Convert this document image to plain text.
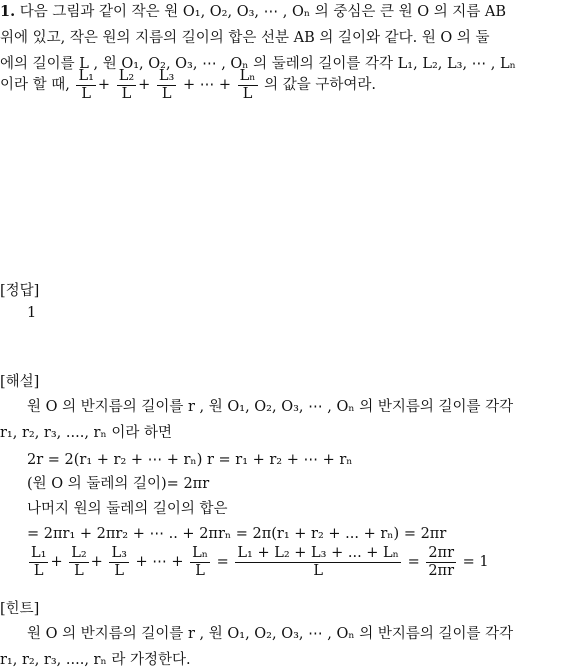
1. 다음 그림과 같이 작은 원 O₁, O₂, O₃, ⋯ , Oₙ 의 중심은 큰 원 O 의 지름 AB
위에 있고, 작은 원의 지름의 길이의 합은 선분 AB 의 길이와 같다. 원 O 의 둘
에의 길이를 L , 원 O₁, O₂, O₃, ⋯ , Oₙ 의 둘레의 길이를 각각 L₁, L₂, L₃, ⋯ , Lₙ
이라 할 때, $\frac{\text{L₁}}{L} + \frac{\text{L₂}}{L} + \frac{\text{L₃}}{L}$ + ⋯ + $\frac{\text{Lₙ}}{L}$ 의 값을 구하여라.
[정답]
1
[해설]
원 O 의 반지름의 길이를 r , 원 O₁, O₂, O₃, ⋯ , Oₙ 의 반지름의 길이를 각각
r₁, r₂, r₃, ...., rₙ 이라 하면
2r = 2(r₁ + r₂ + ⋯ + rₙ) r = r₁ + r₂ + ⋯ + rₙ
(원 O 의 둘레의 길이)= 2πr
나머지 원의 둘레의 길이의 합은
= 2πr₁ + 2πr₂ + ⋯ .. + 2πrₙ = 2π(r₁ + r₂ + ... + rₙ) = 2πr
$\frac{\text{L₁}}{L} + \frac{\text{L₂}}{L} + \frac{\text{L₃}}{L}$ + ⋯ + $\frac{\text{Lₙ}}{L} = \frac{\text{L₁ + L₂ + L₃ + ... + Lₙ}}{L} = \frac{2\pi r}{2\pi r} = 1$
[힌트]
원 O 의 반지름의 길이를 r , 원 O₁, O₂, O₃, ⋯ , Oₙ 의 반지름의 길이를 각각
r₁, r₂, r₃, ...., rₙ 라 가정한다.
